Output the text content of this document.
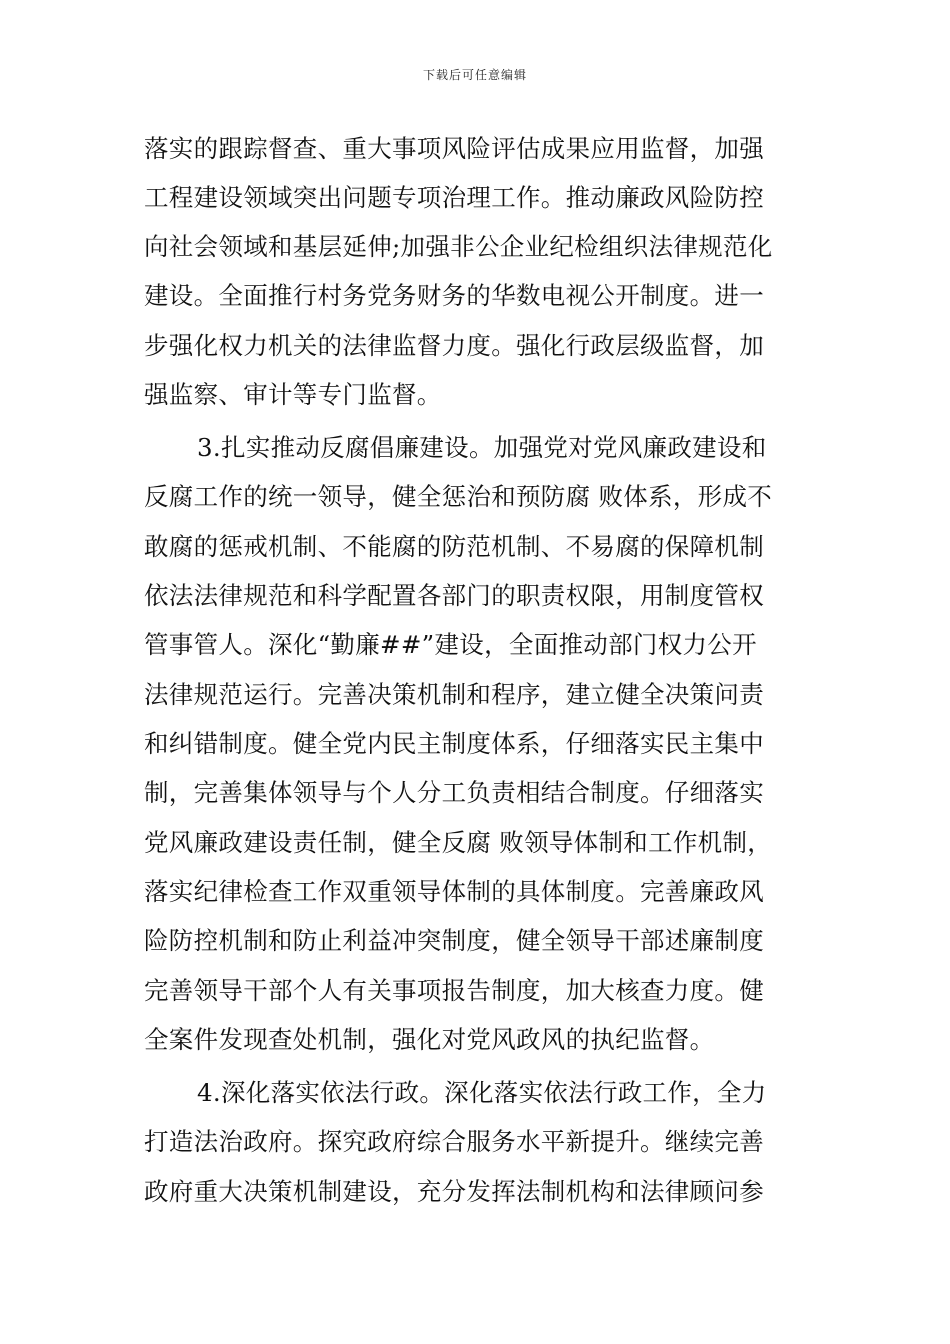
下载后可任意编辑
落实的跟踪督查、重大事项风险评估成果应用监督，加强
工程建设领域突出问题专项治理工作。推动廉政风险防控
向社会领域和基层延伸;加强非公企业纪检组织法律规范化
建设。全面推行村务党务财务的华数电视公开制度。进一
步强化权力机关的法律监督力度。强化行政层级监督，加
强监察、审计等专门监督。
3.扎实推动反腐倡廉建设。加强党对党风廉政建设和
反腐工作的统一领导，健全惩治和预防腐 败体系，形成不
敢腐的惩戒机制、不能腐的防范机制、不易腐的保障机制
依法法律规范和科学配置各部门的职责权限，用制度管权
管事管人。深化“勤廉##”建设，全面推动部门权力公开
法律规范运行。完善决策机制和程序，建立健全决策问责
和纠错制度。健全党内民主制度体系，仔细落实民主集中
制，完善集体领导与个人分工负责相结合制度。仔细落实
党风廉政建设责任制，健全反腐 败领导体制和工作机制，
落实纪律检查工作双重领导体制的具体制度。完善廉政风
险防控机制和防止利益冲突制度，健全领导干部述廉制度
完善领导干部个人有关事项报告制度，加大核查力度。健
全案件发现查处机制，强化对党风政风的执纪监督。
4.深化落实依法行政。深化落实依法行政工作，全力
打造法治政府。探究政府综合服务水平新提升。继续完善
政府重大决策机制建设，充分发挥法制机构和法律顾问参
